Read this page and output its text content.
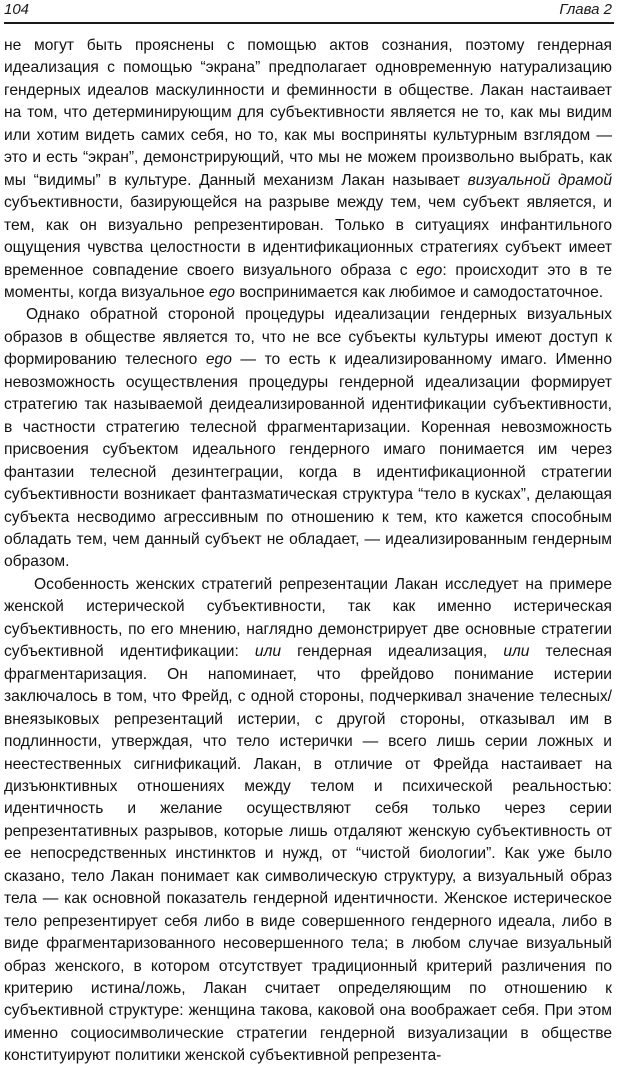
104	Глава 2

не могут быть прояснены с помощью актов сознания, поэтому гендерная идеализация с помощью “экрана” предполагает одновременную натурализацию гендерных идеалов маскулинности и феминности в обществе. Лакан настаивает на том, что детерминирующим для субъективности является не то, как мы видим или хотим видеть самих себя, но то, как мы восприняты культурным взглядом — это и есть “экран”, демонстрирующий, что мы не можем произвольно выбрать, как мы “видимы” в культуре. Данный механизм Лакан называет визуальной драмой субъективности, базирующейся на разрыве между тем, чем субъект является, и тем, как он визуально репрезентирован. Только в ситуациях инфантильного ощущения чувства целостности в идентификационных стратегиях субъект имеет временное совпадение своего визуального образа с ego: происходит это в те моменты, когда визуальное ego воспринимается как любимое и самодостаточное.

Однако обратной стороной процедуры идеализации гендерных визуальных образов в обществе является то, что не все субъекты культуры имеют доступ к формированию телесного ego — то есть к идеализированному имаго. Именно невозможность осуществления процедуры гендерной идеализации формирует стратегию так называемой деидеализированной идентификации субъективности, в частности стратегию телесной фрагментаризации. Коренная невозможность присвоения субъектом идеального гендерного имаго понимается им через фантазии телесной дезинтеграции, когда в идентификационной стратегии субъективности возникает фантазматическая структура “тело в кусках”, делающая субъекта несводимо агрессивным по отношению к тем, кто кажется способным обладать тем, чем данный субъект не обладает, — идеализированным гендерным образом.

Особенность женских стратегий репрезентации Лакан исследует на примере женской истерической субъективности, так как именно истерическая субъективность, по его мнению, наглядно демонстрирует две основные стратегии субъективной идентификации: или гендерная идеализация, или телесная фрагментаризация. Он напоминает, что фрейдово понимание истерии заключалось в том, что Фрейд, с одной стороны, подчеркивал значение телесных/внеязыковых репрезентаций истерии, с другой стороны, отказывал им в подлинности, утверждая, что тело истерички — всего лишь серии ложных и неестественных сигнификаций. Лакан, в отличие от Фрейда настаивает на дизъюнктивных отношениях между телом и психической реальностью: идентичность и желание осуществляют себя только через серии репрезентативных разрывов, которые лишь отдаляют женскую субъективность от ее непосредственных инстинктов и нужд, от “чистой биологии”. Как уже было сказано, тело Лакан понимает как символическую структуру, а визуальный образ тела — как основной показатель гендерной идентичности. Женское истерическое тело репрезентирует себя либо в виде совершенного гендерного идеала, либо в виде фрагментаризованного несовершенного тела; в любом случае визуальный образ женского, в котором отсутствует традиционный критерий различения по критерию истина/ложь, Лакан считает определяющим по отношению к субъективной структуре: женщина такова, каковой она воображает себя. При этом именно социосимволические стратегии гендерной визуализации в обществе конституируют политики женской субъективной репрезента-
